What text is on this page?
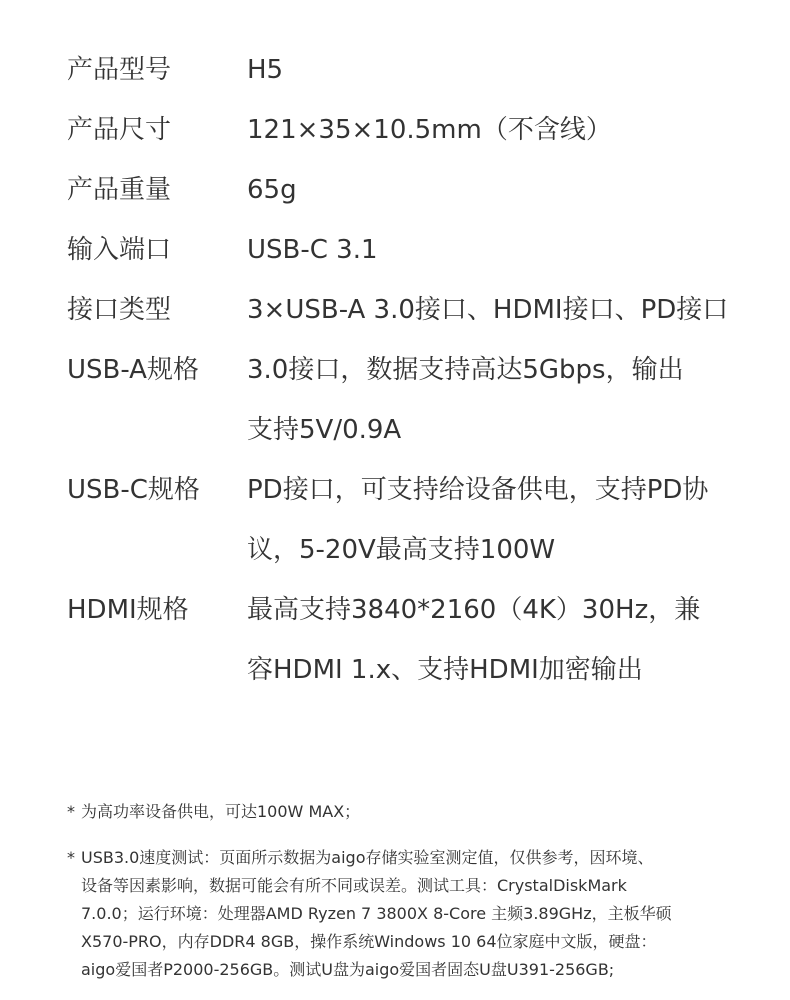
产品型号	H5
产品尺寸	121×35×10.5mm（不含线）
产品重量	65g
输入端口	USB-C 3.1
接口类型	3×USB-A 3.0接口、HDMI接口、PD接口
USB-A规格	3.0接口，数据支持高达5Gbps，输出
支持5V/0.9A
USB-C规格	PD接口，可支持给设备供电，支持PD协
议，5-20V最高支持100W
HDMI规格	最高支持3840*2160（4K）30Hz，兼
容HDMI 1.x、支持HDMI加密输出
* 为高功率设备供电，可达100W MAX；
* USB3.0速度测试：页面所示数据为aigo存储实验室测定值，仅供参考，因环境、
设备等因素影响，数据可能会有所不同或误差。测试工具：CrystalDiskMark
7.0.0；运行环境：处理器AMD Ryzen 7 3800X 8-Core 主频3.89GHz，主板华硕
X570-PRO，内存DDR4 8GB，操作系统Windows 10 64位家庭中文版，硬盘：
aigo爱国者P2000-256GB。测试U盘为aigo爱国者固态U盘U391-256GB;
